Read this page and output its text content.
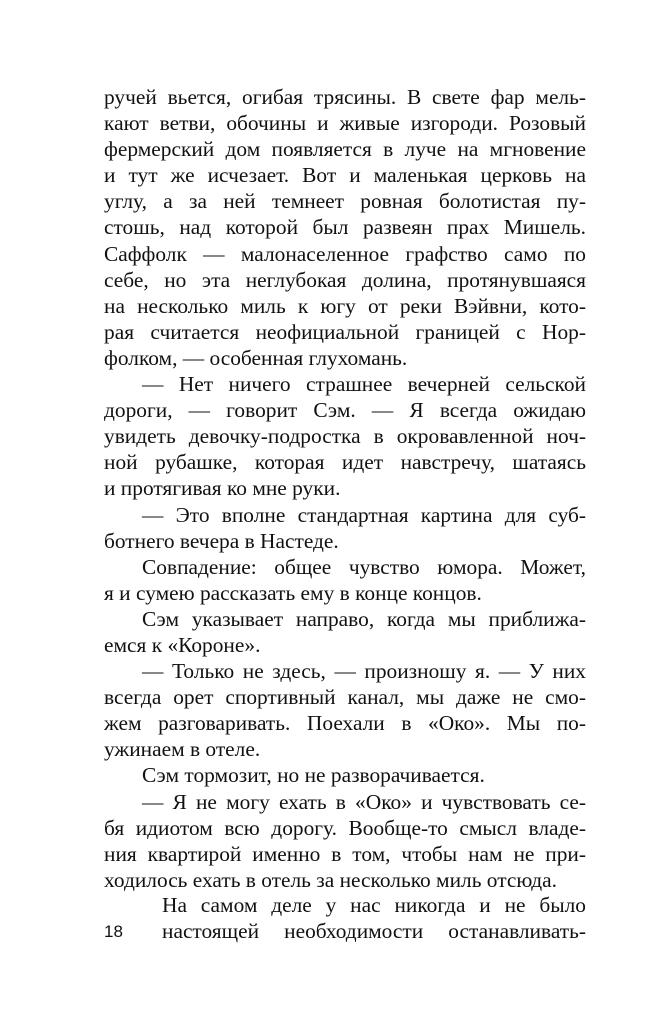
ручей вьется, огибая трясины. В свете фар мель-
кают ветви, обочины и живые изгороди. Розовый
фермерский дом появляется в луче на мгновение
и тут же исчезает. Вот и маленькая церковь на
углу, а за ней темнеет ровная болотистая пу-
стошь, над которой был развеян прах Мишель.
Саффолк — малонаселенное графство само по
себе, но эта неглубокая долина, протянувшаяся
на несколько миль к югу от реки Вэйвни, кото-
рая считается неофициальной границей с Нор-
фолком, — особенная глухомань.
— Нет ничего страшнее вечерней сельской
дороги, — говорит Сэм. — Я всегда ожидаю
увидеть девочку-подростка в окровавленной ноч-
ной рубашке, которая идет навстречу, шатаясь
и протягивая ко мне руки.
— Это вполне стандартная картина для суб-
ботнего вечера в Настеде.
Совпадение: общее чувство юмора. Может,
я и сумею рассказать ему в конце концов.
Сэм указывает направо, когда мы приближа-
емся к «Короне».
— Только не здесь, — произношу я. — У них
всегда орет спортивный канал, мы даже не смо-
жем разговаривать. Поехали в «Око». Мы по-
ужинаем в отеле.
Сэм тормозит, но не разворачивается.
— Я не могу ехать в «Око» и чувствовать се-
бя идиотом всю дорогу. Вообще-то смысл владе-
ния квартирой именно в том, чтобы нам не при-
ходилось ехать в отель за несколько миль отсюда.
На самом деле у нас никогда и не было
настоящей необходимости останавливать-
18
